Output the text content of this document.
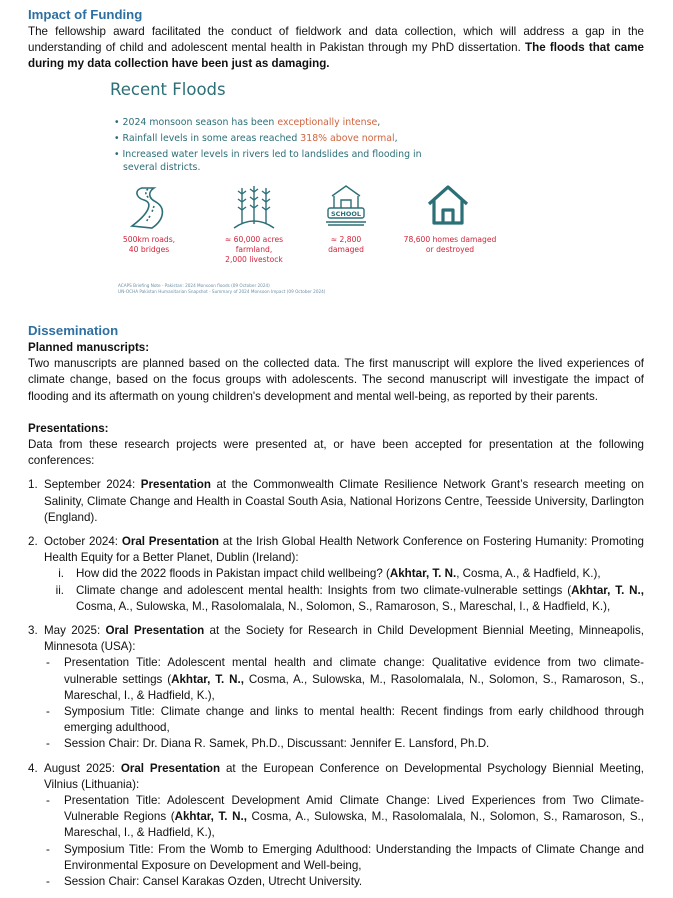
Impact of Funding

The fellowship award facilitated the conduct of fieldwork and data collection, which will address a gap in the understanding of child and adolescent mental health in Pakistan through my PhD dissertation. The floods that came during my data collection have been just as damaging.

Recent Floods
• 2024 monsoon season has been exceptionally intense,
• Rainfall levels in some areas reached 318% above normal,
• Increased water levels in rivers led to landslides and flooding in
several districts.
SCHOOL
500km roads,
40 bridges
≈ 60,000 acres
farmland,
2,000 livestock
≈ 2,800
damaged
78,600 homes damaged
or destroyed
ACAPS Briefing Note - Pakistan: 2024 Monsoon floods (09 October 2024)
UN-OCHA Pakistan Humanitarian Snapshot - Summary of 2024 Monsoon Impact (09 October 2024)
Dissemination
Planned manuscripts:

Two manuscripts are planned based on the collected data. The first manuscript will explore the lived experiences of climate change, based on the focus groups with adolescents. The second manuscript will investigate the impact of flooding and its aftermath on young children's development and mental well-being, as reported by their parents.

Presentations:

Data from these research projects were presented at, or have been accepted for presentation at the following conferences:

1. September 2024: Presentation at the Commonwealth Climate Resilience Network Grant’s research meeting on Salinity, Climate Change and Health in Coastal South Asia, National Horizons Centre, Teesside University, Darlington (England).
2. October 2024: Oral Presentation at the Irish Global Health Network Conference on Fostering Humanity: Promoting Health Equity for a Better Planet, Dublin (Ireland):
i. How did the 2022 floods in Pakistan impact child wellbeing? (Akhtar, T. N., Cosma, A., & Hadfield, K.),
ii. Climate change and adolescent mental health: Insights from two climate-vulnerable settings (Akhtar, T. N., Cosma, A., Sulowska, M., Rasolomalala, N., Solomon, S., Ramaroson, S., Mareschal, I., & Hadfield, K.),
3. May 2025: Oral Presentation at the Society for Research in Child Development Biennial Meeting, Minneapolis, Minnesota (USA):
- Presentation Title: Adolescent mental health and climate change: Qualitative evidence from two climate-vulnerable settings (Akhtar, T. N., Cosma, A., Sulowska, M., Rasolomalala, N., Solomon, S., Ramaroson, S., Mareschal, I., & Hadfield, K.),
- Symposium Title: Climate change and links to mental health: Recent findings from early childhood through emerging adulthood,
- Session Chair: Dr. Diana R. Samek, Ph.D., Discussant: Jennifer E. Lansford, Ph.D.
4. August 2025: Oral Presentation at the European Conference on Developmental Psychology Biennial Meeting, Vilnius (Lithuania):
- Presentation Title: Adolescent Development Amid Climate Change: Lived Experiences from Two Climate-Vulnerable Regions (Akhtar, T. N., Cosma, A., Sulowska, M., Rasolomalala, N., Solomon, S., Ramaroson, S., Mareschal, I., & Hadfield, K.),
- Symposium Title: From the Womb to Emerging Adulthood: Understanding the Impacts of Climate Change and Environmental Exposure on Development and Well-being,
- Session Chair: Cansel Karakas Ozden, Utrecht University.
